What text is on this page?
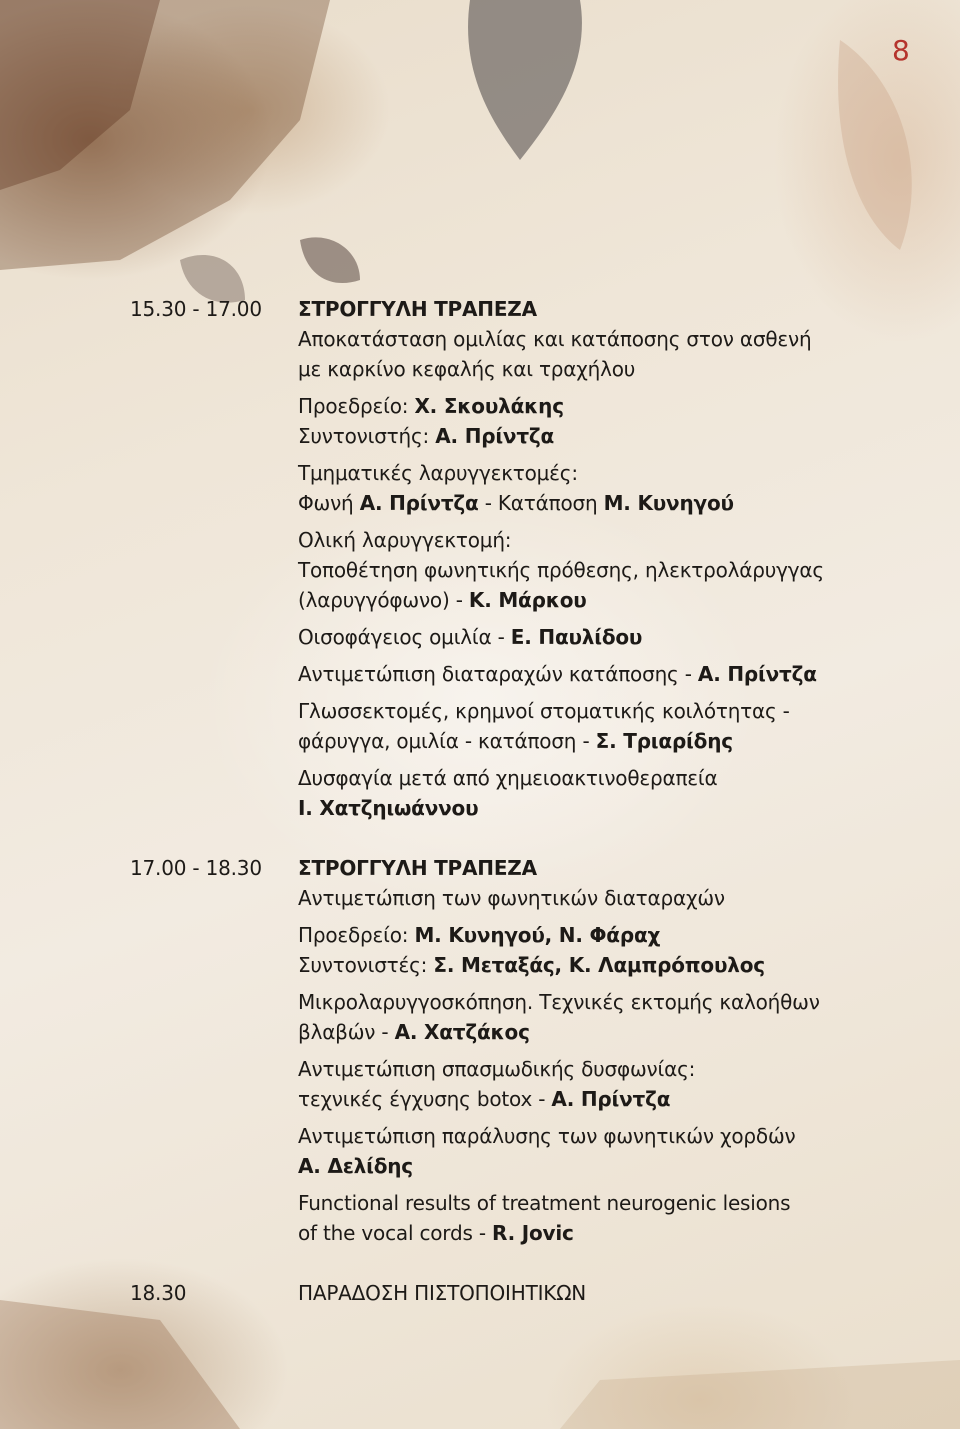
8
15.30 - 17.00 ΣΤΡΟΓΓΥΛΗ ΤΡΑΠΕΖΑ
Αποκατάσταση ομιλίας και κατάποσης στον ασθενή
με καρκίνο κεφαλής και τραχήλου
Προεδρείο: Χ. Σκουλάκης
Συντονιστής: Α. Πρίντζα
Τμηματικές λαρυγγεκτομές:
Φωνή Α. Πρίντζα - Κατάποση Μ. Κυνηγού
Ολική λαρυγγεκτομή:
Τοποθέτηση φωνητικής πρόθεσης, ηλεκτρολάρυγγας
(λαρυγγόφωνο) - Κ. Μάρκου
Οισοφάγειος ομιλία - Ε. Παυλίδου
Αντιμετώπιση διαταραχών κατάποσης - Α. Πρίντζα
Γλωσσεκτομές, κρημνοί στοματικής κοιλότητας -
φάρυγγα, ομιλία - κατάποση - Σ. Τριαρίδης
Δυσφαγία μετά από χημειοακτινοθεραπεία
Ι. Χατζηιωάννου
17.00 - 18.30 ΣΤΡΟΓΓΥΛΗ ΤΡΑΠΕΖΑ
Αντιμετώπιση των φωνητικών διαταραχών
Προεδρείο: Μ. Κυνηγού, Ν. Φάραχ
Συντονιστές: Σ. Μεταξάς, Κ. Λαμπρόπουλος
Μικρολαρυγγοσκόπηση. Τεχνικές εκτομής καλοήθων
βλαβών - Α. Χατζάκος
Αντιμετώπιση σπασμωδικής δυσφωνίας:
τεχνικές έγχυσης botox - Α. Πρίντζα
Αντιμετώπιση παράλυσης των φωνητικών χορδών
Α. Δελίδης
Functional results of treatment neurogenic lesions
of the vocal cords - R. Jovic
18.30	ΠΑΡΑΔΟΣΗ ΠΙΣΤΟΠΟΙΗΤΙΚΩΝ
